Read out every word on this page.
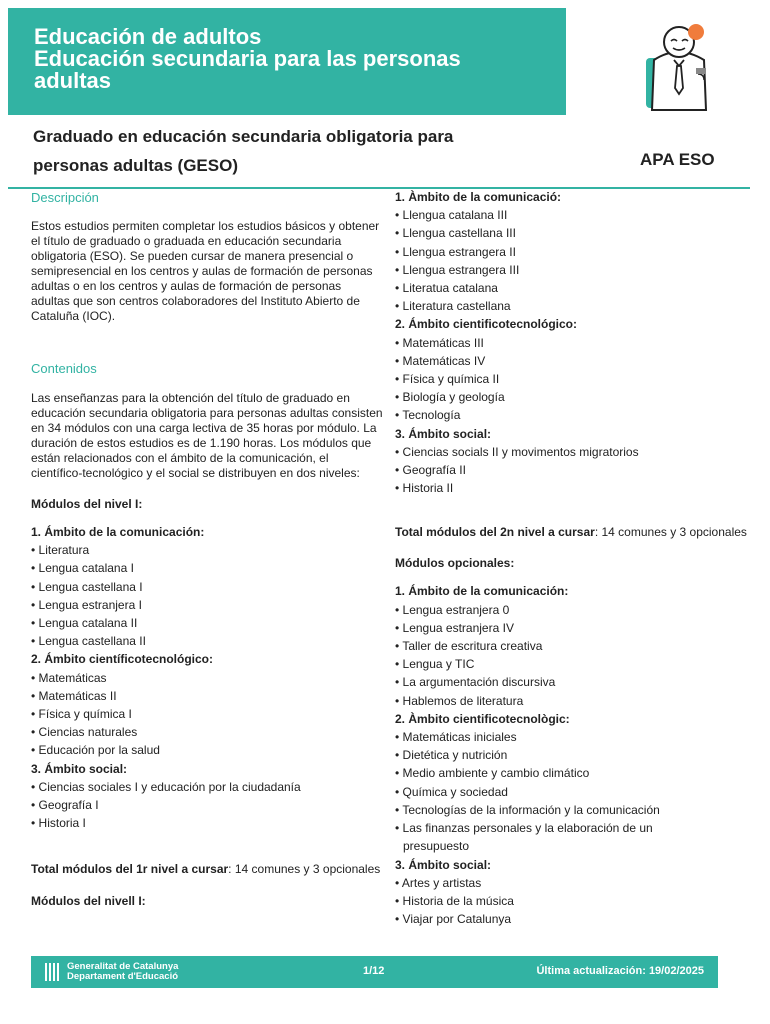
Educación de adultos
Educación secundaria para las personas
adultas
Graduado en educación secundaria obligatoria para
personas adultas (GESO)	APA ESO
Descripción
Estos estudios permiten completar los estudios básicos y obtener el título de graduado o graduada en educación secundaria obligatoria (ESO). Se pueden cursar de manera presencial o semipresencial en los centros y aulas de formación de personas adultas o en los centros y aulas de formación de personas adultas que son centros colaboradores del Instituto Abierto de Cataluña (IOC).
Contenidos
Las enseñanzas para la obtención del título de graduado en educación secundaria obligatoria para personas adultas consisten en 34 módulos con una carga lectiva de 35 horas por módulo. La duración de estos estudios es de 1.190 horas. Los módulos que están relacionados con el ámbito de la comunicación, el científico-tecnológico y el social se distribuyen en dos niveles:
Módulos del nivel I:
1. Ámbito de la comunicación:
• Literatura
• Lengua catalana I
• Lengua castellana I
• Lengua estranjera I
• Lengua catalana II
• Lengua castellana II
2. Ámbito científicotecnológico:
• Matemáticas
• Matemáticas II
• Física y química I
• Ciencias naturales
• Educación por la salud
3. Ámbito social:
• Ciencias sociales I y educación por la ciudadanía
• Geografía I
• Historia I
Total módulos del 1r nivel a cursar: 14 comunes y 3 opcionales
Módulos del nivell I:
1. Àmbito de la comunicació:
• Llengua catalana III
• Llengua castellana III
• Llengua estrangera II
• Llengua estrangera III
• Literatua catalana
• Literatura castellana
2. Ámbito cientificotecnológico:
• Matemáticas III
• Matemáticas IV
• Física y química II
• Biología y geología
• Tecnología
3. Ámbito social:
• Ciencias socials II y movimentos migratorios
• Geografía II
• Historia II
Total módulos del 2n nivel a cursar: 14 comunes y 3 opcionales
Módulos opcionales:
1. Ámbito de la comunicación:
• Lengua estranjera 0
• Lengua estranjera IV
• Taller de escritura creativa
• Lengua y TIC
• La argumentación discursiva
• Hablemos de literatura
2. Àmbito cientificotecnològic:
• Matemáticas iniciales
• Dietética y nutrición
• Medio ambiente y cambio climático
• Química y sociedad
• Tecnologías de la información y la comunicación
• Las finanzas personales y la elaboración de un
presupuesto
3. Ámbito social:
• Artes y artistas
• Historia de la música
• Viajar por Catalunya
Generalitat de Catalunya
Departament d'Educació	1/12	Última actualización: 19/02/2025
